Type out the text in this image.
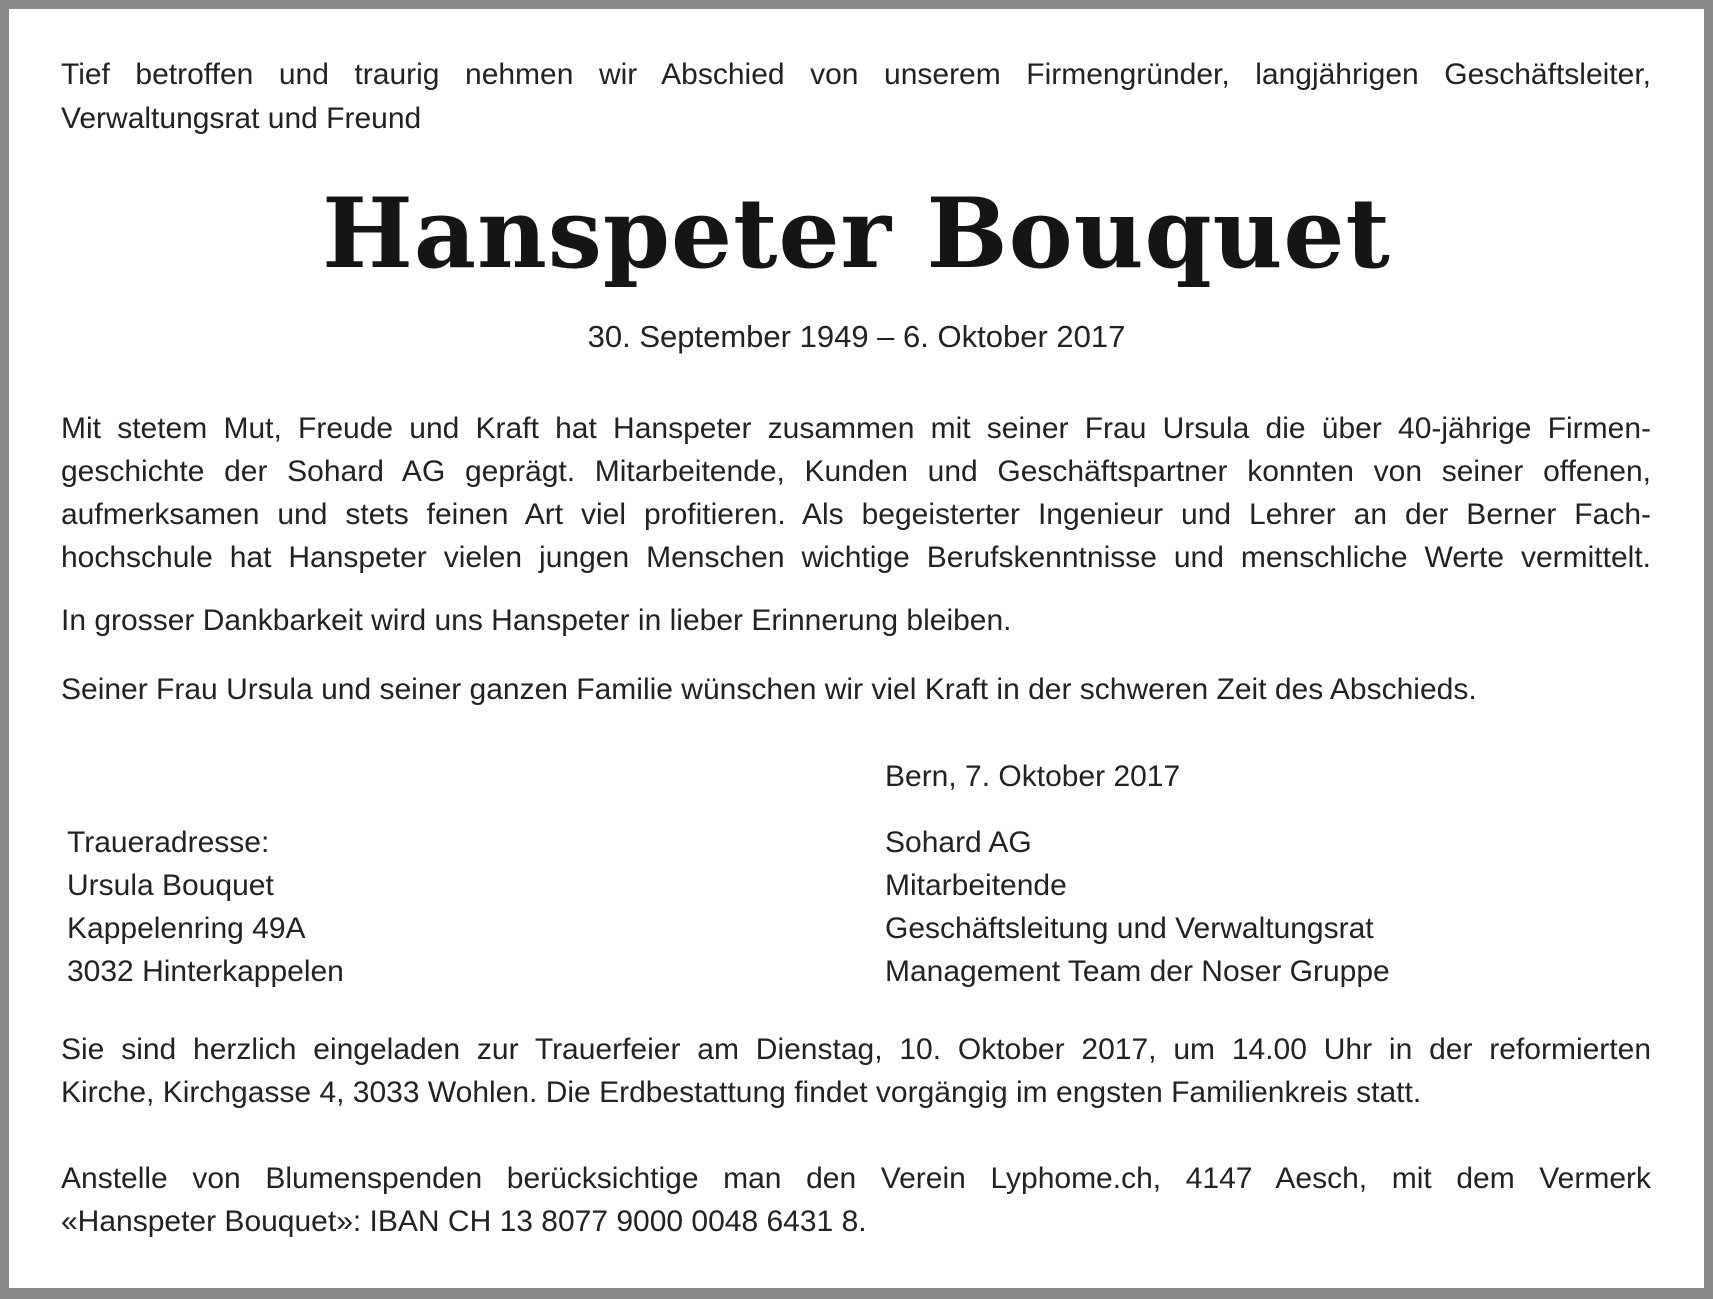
Tief betroffen und traurig nehmen wir Abschied von unserem Firmengründer, langjährigen Geschäftsleiter,
Verwaltungsrat und Freund

Hanspeter Bouquet

30. September 1949 – 6. Oktober 2017

Mit stetem Mut, Freude und Kraft hat Hanspeter zusammen mit seiner Frau Ursula die über 40-jährige Firmen-
geschichte der Sohard AG geprägt. Mitarbeitende, Kunden und Geschäftspartner konnten von seiner offenen,
aufmerksamen und stets feinen Art viel profitieren. Als begeisterter Ingenieur und Lehrer an der Berner Fach-
hochschule hat Hanspeter vielen jungen Menschen wichtige Berufskenntnisse und menschliche Werte vermittelt.

In grosser Dankbarkeit wird uns Hanspeter in lieber Erinnerung bleiben.

Seiner Frau Ursula und seiner ganzen Familie wünschen wir viel Kraft in der schweren Zeit des Abschieds.

Bern, 7. Oktober 2017

Traueradresse:
Ursula Bouquet
Kappelenring 49A
3032 Hinterkappelen

Sohard AG
Mitarbeitende
Geschäftsleitung und Verwaltungsrat
Management Team der Noser Gruppe

Sie sind herzlich eingeladen zur Trauerfeier am Dienstag, 10. Oktober 2017, um 14.00 Uhr in der reformierten
Kirche, Kirchgasse 4, 3033 Wohlen. Die Erdbestattung findet vorgängig im engsten Familienkreis statt.

Anstelle von Blumenspenden berücksichtige man den Verein Lyphome.ch, 4147 Aesch, mit dem Vermerk
«Hanspeter Bouquet»: IBAN CH 13 8077 9000 0048 6431 8.
